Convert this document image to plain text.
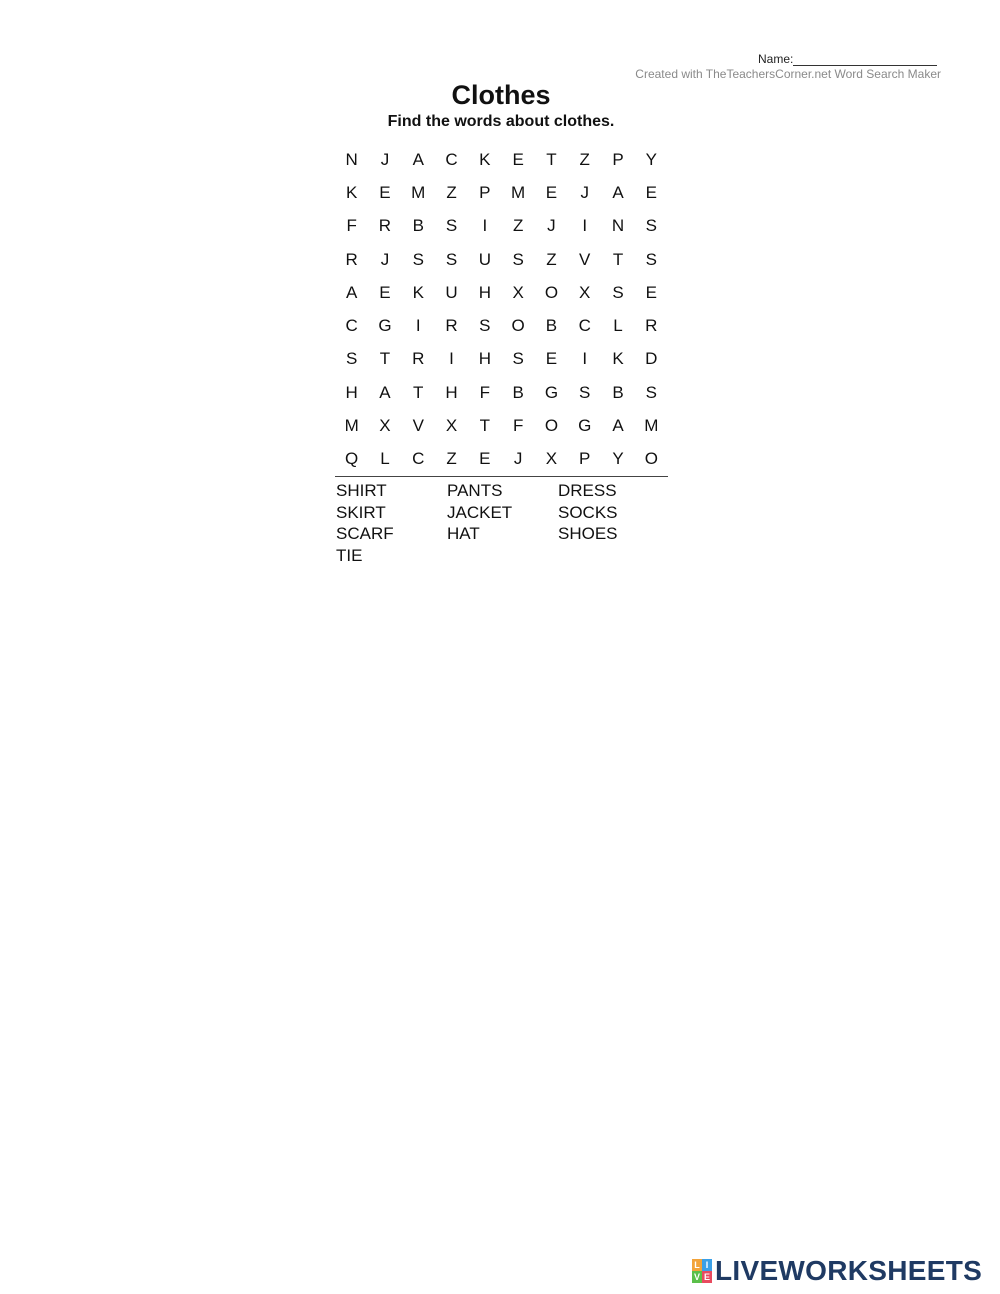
Name:
Created with TheTeachersCorner.net Word Search Maker
Clothes
Find the words about clothes.
N	J	A	C	K	E	T	Z	P	Y
K	E	M	Z	P	M	E	J	A	E
F	R	B	S	I	Z	J	I	N	S
R	J	S	S	U	S	Z	V	T	S
A	E	K	U	H	X	O	X	S	E
C	G	I	R	S	O	B	C	L	R
S	T	R	I	H	S	E	I	K	D
H	A	T	H	F	B	G	S	B	S
M	X	V	X	T	F	O	G	A	M
Q	L	C	Z	E	J	X	P	Y	O
SHIRT	PANTS	DRESS
SKIRT	JACKET	SOCKS
SCARF	HAT	SHOES
TIE
L I
V E LIVEWORKSHEETS
